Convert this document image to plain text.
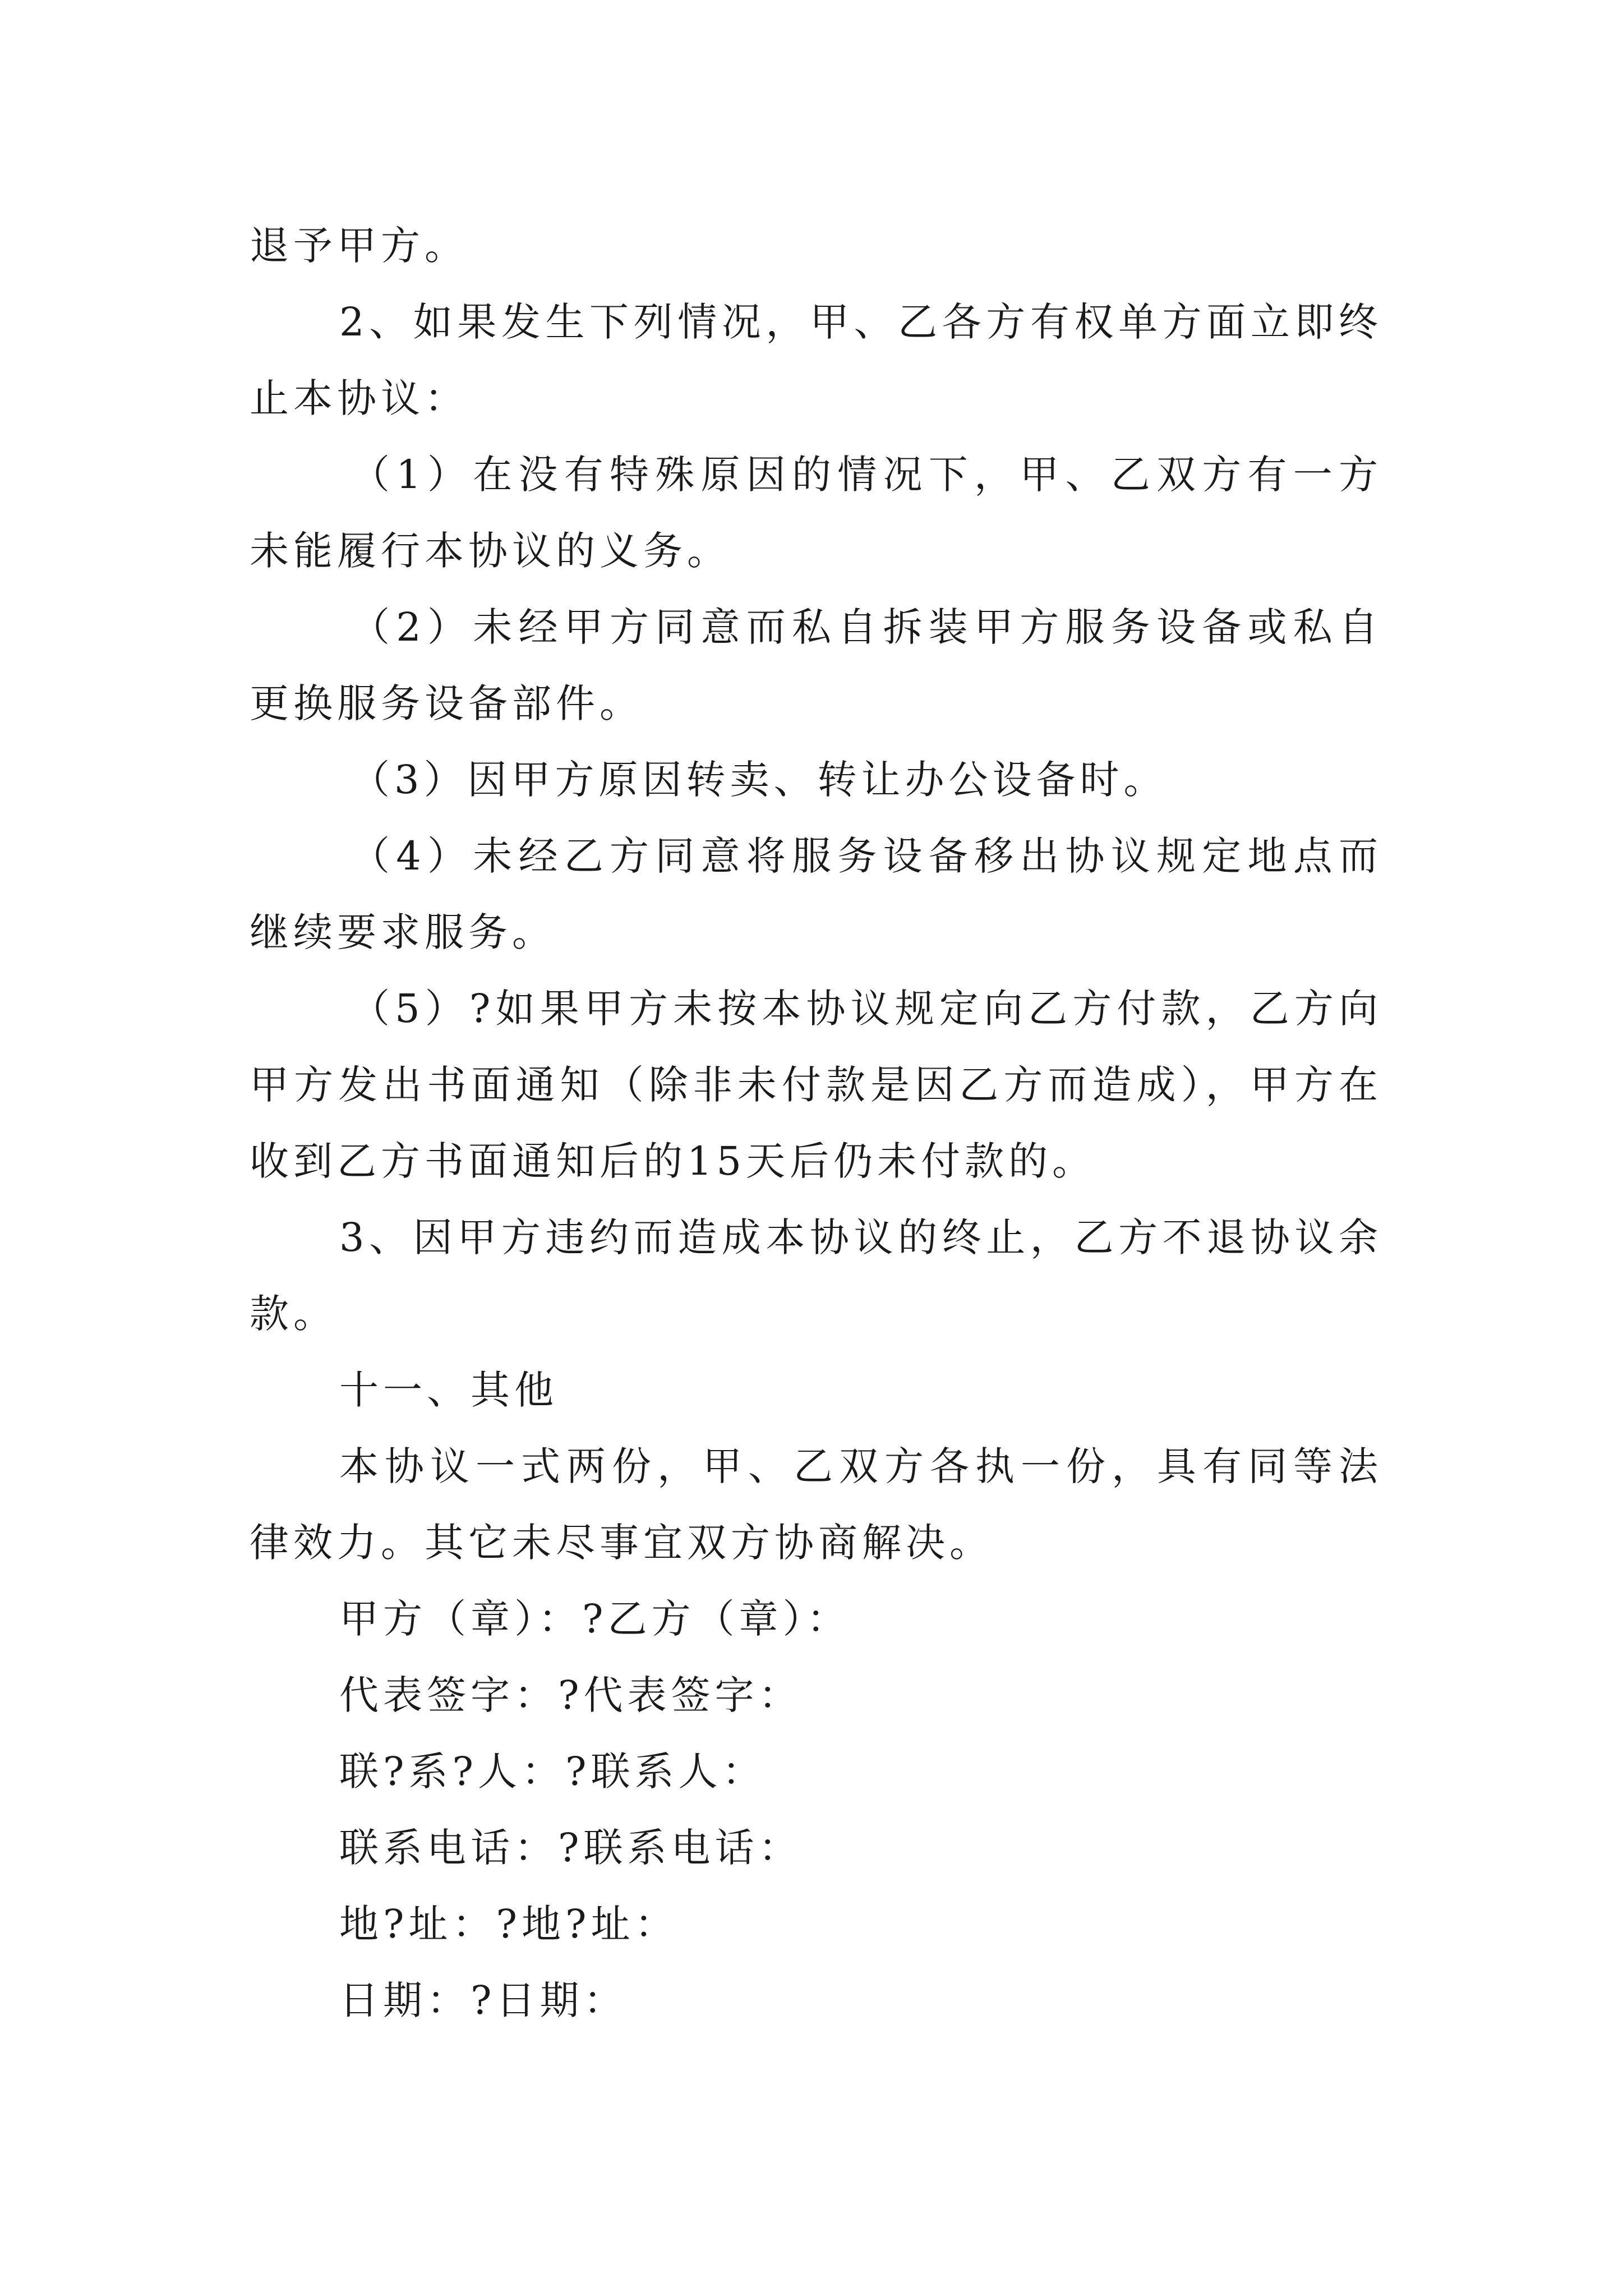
退予甲方。

2、如果发生下列情况，甲、乙各方有权单方面立即终止本协议：

（1）在没有特殊原因的情况下，甲、乙双方有一方未能履行本协议的义务。

（2）未经甲方同意而私自拆装甲方服务设备或私自更换服务设备部件。

（3）因甲方原因转卖、转让办公设备时。

（4）未经乙方同意将服务设备移出协议规定地点而继续要求服务。

（5）?如果甲方未按本协议规定向乙方付款，乙方向甲方发出书面通知（除非未付款是因乙方而造成），甲方在收到乙方书面通知后的15天后仍未付款的。

3、因甲方违约而造成本协议的终止，乙方不退协议余款。

十一、其他

本协议一式两份，甲、乙双方各执一份，具有同等法律效力。其它未尽事宜双方协商解决。

甲方（章）：?乙方（章）：

代表签字：?代表签字：

联?系?人：?联系人：

联系电话：?联系电话：

地?址：?地?址：

日期：?日期：
